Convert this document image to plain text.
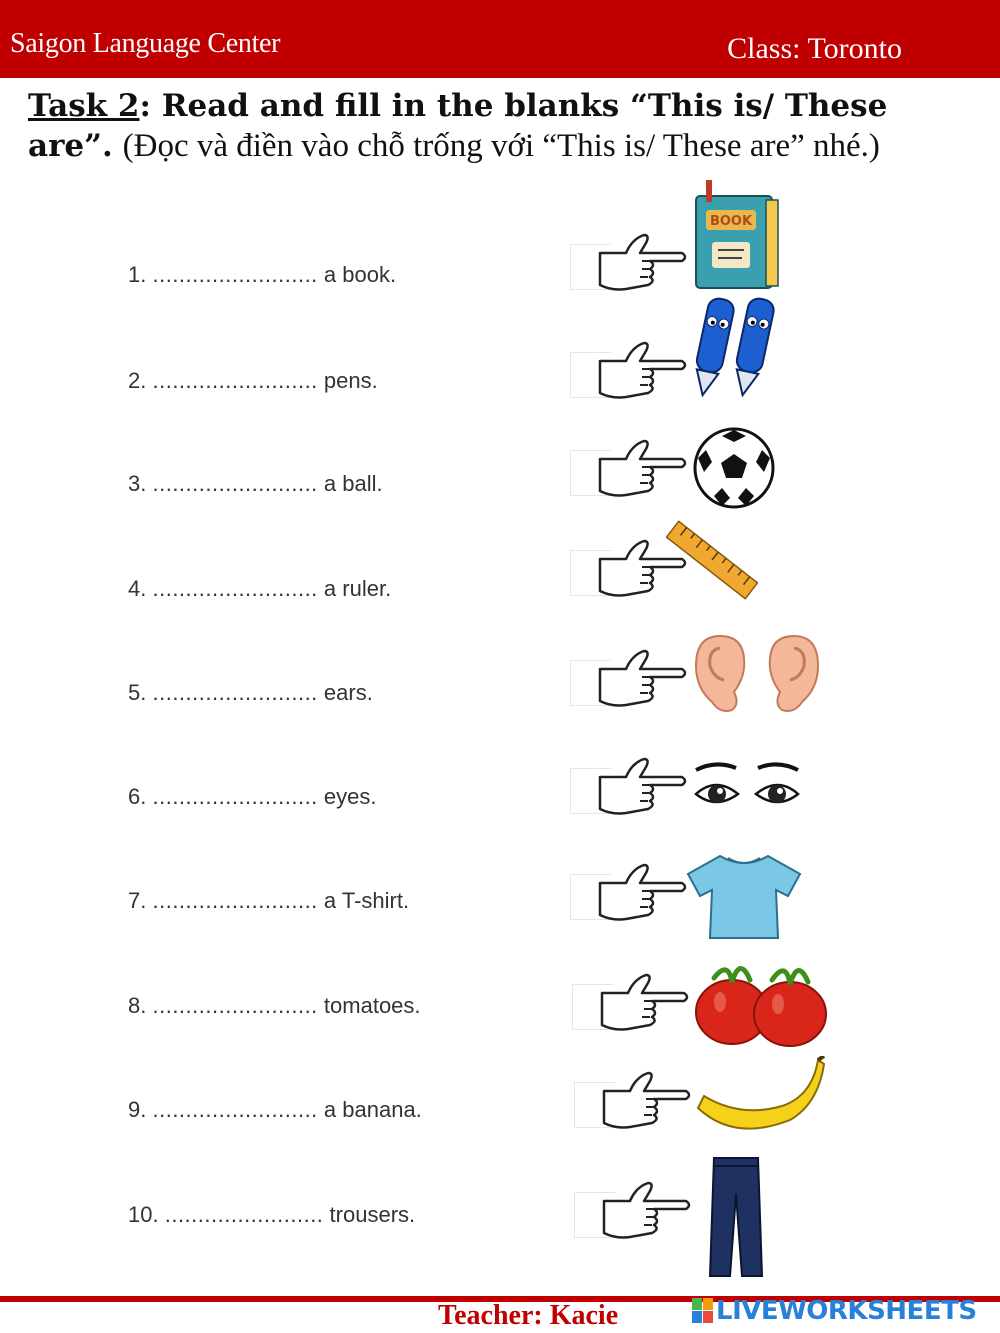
Saigon Language Center	Class: Toronto
Task 2: Read and fill in the blanks “This is/ These are”. (Đọc và điền vào chỗ trống với “This is/ These are” nhé.)
1. ......................... a book.
2. ......................... pens.
3. ......................... a ball.
4. ......................... a ruler.
5. ......................... ears.
6. ......................... eyes.
7. ......................... a T-shirt.
8. ......................... tomatoes.
9. ......................... a banana.
10. ........................ trousers.
BOOK
Teacher: Kacie	LIVEWORKSHEETS
